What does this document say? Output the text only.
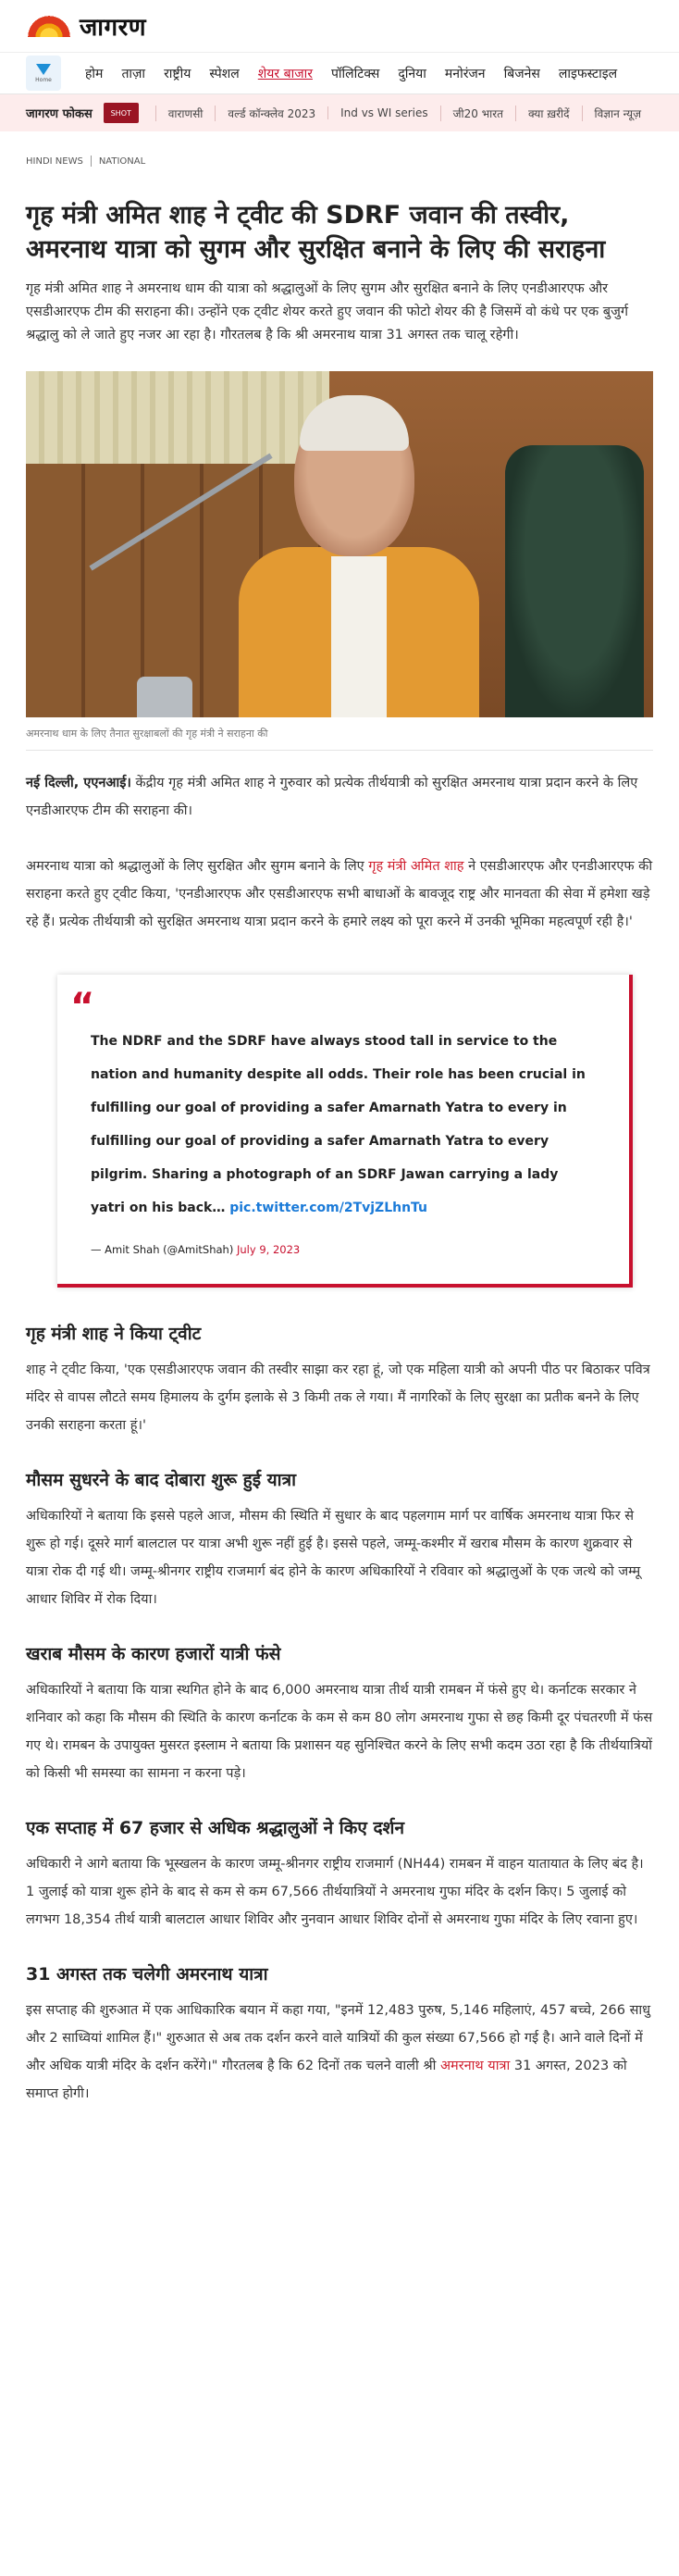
जागरण
Home	होम	ताज़ा	राष्ट्रीय	स्पेशल	शेयर बाजार	पॉलिटिक्स	दुनिया	मनोरंजन	बिजनेस	लाइफस्टाइल
जागरण फोकस SHOT	वाराणसी	वर्ल्ड कॉन्क्लेव 2023	Ind vs WI series	जी20 भारत	क्या ख़रीदें	विज्ञान न्यूज़
HINDI NEWS NATIONAL
गृह मंत्री अमित शाह ने ट्वीट की SDRF जवान की तस्वीर, अमरनाथ यात्रा को सुगम और सुरक्षित बनाने के लिए की सराहना

गृह मंत्री अमित शाह ने अमरनाथ धाम की यात्रा को श्रद्धालुओं के लिए सुगम और सुरक्षित बनाने के लिए एनडीआरएफ और एसडीआरएफ टीम की सराहना की। उन्होंने एक ट्वीट शेयर करते हुए जवान की फोटो शेयर की है जिसमें वो कंधे पर एक बुजुर्ग श्रद्धालु को ले जाते हुए नजर आ रहा है। गौरतलब है कि श्री अमरनाथ यात्रा 31 अगस्त तक चालू रहेगी।

अमरनाथ धाम के लिए तैनात सुरक्षाबलों की गृह मंत्री ने सराहना की

नई दिल्ली, एएनआई। केंद्रीय गृह मंत्री अमित शाह ने गुरुवार को प्रत्येक तीर्थयात्री को सुरक्षित अमरनाथ यात्रा प्रदान करने के लिए एनडीआरएफ टीम की सराहना की।

अमरनाथ यात्रा को श्रद्धालुओं के लिए सुरक्षित और सुगम बनाने के लिए गृह मंत्री अमित शाह ने एसडीआरएफ और एनडीआरएफ की सराहना करते हुए ट्वीट किया, 'एनडीआरएफ और एसडीआरएफ सभी बाधाओं के बावजूद राष्ट्र और मानवता की सेवा में हमेशा खड़े रहे हैं। प्रत्येक तीर्थयात्री को सुरक्षित अमरनाथ यात्रा प्रदान करने के हमारे लक्ष्य को पूरा करने में उनकी भूमिका महत्वपूर्ण रही है।'

“

The NDRF and the SDRF have always stood tall in service to the nation and humanity despite all odds. Their role has been crucial in fulfilling our goal of providing a safer Amarnath Yatra to every in fulfilling our goal of providing a safer Amarnath Yatra to every pilgrim. Sharing a photograph of an SDRF Jawan carrying a lady yatri on his back… pic.twitter.com/2TvjZLhnTu

— Amit Shah (@AmitShah) July 9, 2023

गृह मंत्री शाह ने किया ट्वीट

शाह ने ट्वीट किया, 'एक एसडीआरएफ जवान की तस्वीर साझा कर रहा हूं, जो एक महिला यात्री को अपनी पीठ पर बिठाकर पवित्र मंदिर से वापस लौटते समय हिमालय के दुर्गम इलाके से 3 किमी तक ले गया। मैं नागरिकों के लिए सुरक्षा का प्रतीक बनने के लिए उनकी सराहना करता हूं।'

मौसम सुधरने के बाद दोबारा शुरू हुई यात्रा

अधिकारियों ने बताया कि इससे पहले आज, मौसम की स्थिति में सुधार के बाद पहलगाम मार्ग पर वार्षिक अमरनाथ यात्रा फिर से शुरू हो गई। दूसरे मार्ग बालटाल पर यात्रा अभी शुरू नहीं हुई है। इससे पहले, जम्मू-कश्मीर में खराब मौसम के कारण शुक्रवार से यात्रा रोक दी गई थी। जम्मू-श्रीनगर राष्ट्रीय राजमार्ग बंद होने के कारण अधिकारियों ने रविवार को श्रद्धालुओं के एक जत्थे को जम्मू आधार शिविर में रोक दिया।

खराब मौसम के कारण हजारों यात्री फंसे

अधिकारियों ने बताया कि यात्रा स्थगित होने के बाद 6,000 अमरनाथ यात्रा तीर्थ यात्री रामबन में फंसे हुए थे। कर्नाटक सरकार ने शनिवार को कहा कि मौसम की स्थिति के कारण कर्नाटक के कम से कम 80 लोग अमरनाथ गुफा से छह किमी दूर पंचतरणी में फंस गए थे। रामबन के उपायुक्त मुसरत इस्लाम ने बताया कि प्रशासन यह सुनिश्चित करने के लिए सभी कदम उठा रहा है कि तीर्थयात्रियों को किसी भी समस्या का सामना न करना पड़े।

एक सप्ताह में 67 हजार से अधिक श्रद्धालुओं ने किए दर्शन

अधिकारी ने आगे बताया कि भूस्खलन के कारण जम्मू-श्रीनगर राष्ट्रीय राजमार्ग (NH44) रामबन में वाहन यातायात के लिए बंद है। 1 जुलाई को यात्रा शुरू होने के बाद से कम से कम 67,566 तीर्थयात्रियों ने अमरनाथ गुफा मंदिर के दर्शन किए। 5 जुलाई को लगभग 18,354 तीर्थ यात्री बालटाल आधार शिविर और नुनवान आधार शिविर दोनों से अमरनाथ गुफा मंदिर के लिए रवाना हुए।

31 अगस्त तक चलेगी अमरनाथ यात्रा

इस सप्ताह की शुरुआत में एक आधिकारिक बयान में कहा गया, "इनमें 12,483 पुरुष, 5,146 महिलाएं, 457 बच्चे, 266 साधु और 2 साध्वियां शामिल हैं।" शुरुआत से अब तक दर्शन करने वाले यात्रियों की कुल संख्या 67,566 हो गई है। आने वाले दिनों में और अधिक यात्री मंदिर के दर्शन करेंगे।" गौरतलब है कि 62 दिनों तक चलने वाली श्री अमरनाथ यात्रा 31 अगस्त, 2023 को समाप्त होगी।
